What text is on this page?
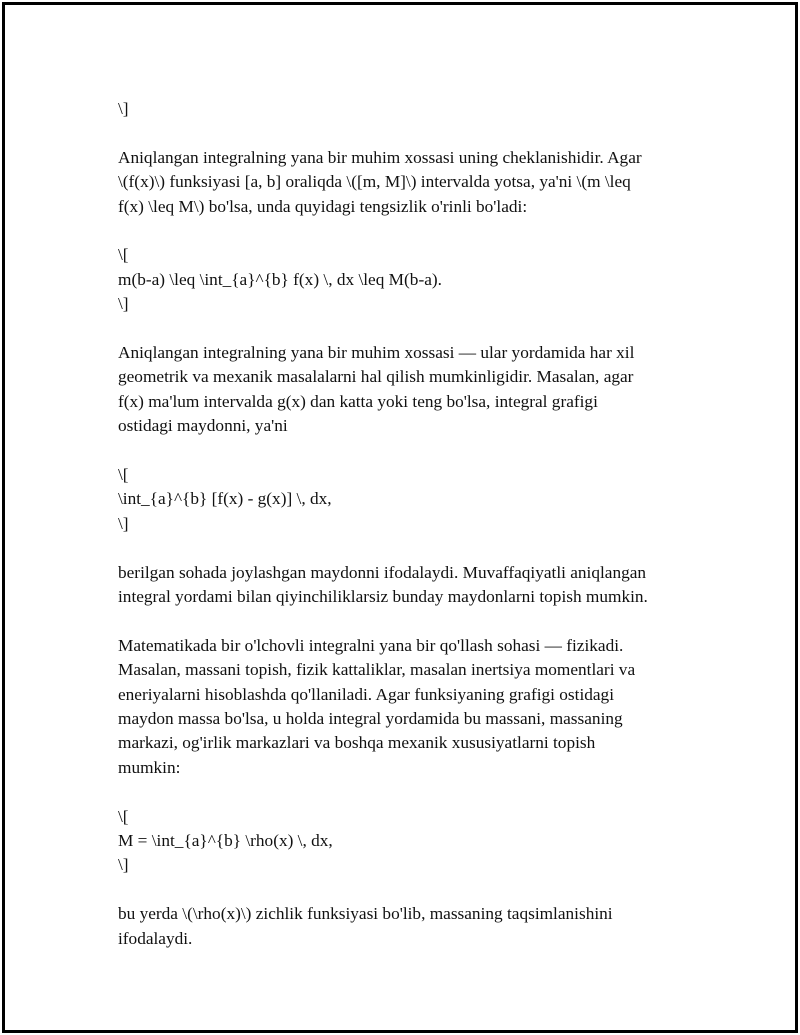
\]
Aniqlangan integralning yana bir muhim xossasi uning cheklanishidir. Agar
\(f(x)\) funksiyasi [a, b] oraliqda \([m, M]\) intervalda yotsa, ya'ni \(m \leq
f(x) \leq M\) bo'lsa, unda quyidagi tengsizlik o'rinli bo'ladi:
\[
m(b-a) \leq \int_{a}^{b} f(x) \, dx \leq M(b-a).
\]
Aniqlangan integralning yana bir muhim xossasi — ular yordamida har xil
geometrik va mexanik masalalarni hal qilish mumkinligidir. Masalan, agar
f(x) ma'lum intervalda g(x) dan katta yoki teng bo'lsa, integral grafigi
ostidagi maydonni, ya'ni
\[
\int_{a}^{b} [f(x) - g(x)] \, dx,
\]
berilgan sohada joylashgan maydonni ifodalaydi. Muvaffaqiyatli aniqlangan
integral yordami bilan qiyinchiliklarsiz bunday maydonlarni topish mumkin.
Matematikada bir o'lchovli integralni yana bir qo'llash sohasi — fizikadi.
Masalan, massani topish, fizik kattaliklar, masalan inertsiya momentlari va
eneriyalarni hisoblashda qo'llaniladi. Agar funksiyaning grafigi ostidagi
maydon massa bo'lsa, u holda integral yordamida bu massani, massaning
markazi, og'irlik markazlari va boshqa mexanik xususiyatlarni topish
mumkin:
\[
M = \int_{a}^{b} \rho(x) \, dx,
\]
bu yerda \(\rho(x)\) zichlik funksiyasi bo'lib, massaning taqsimlanishini
ifodalaydi.
